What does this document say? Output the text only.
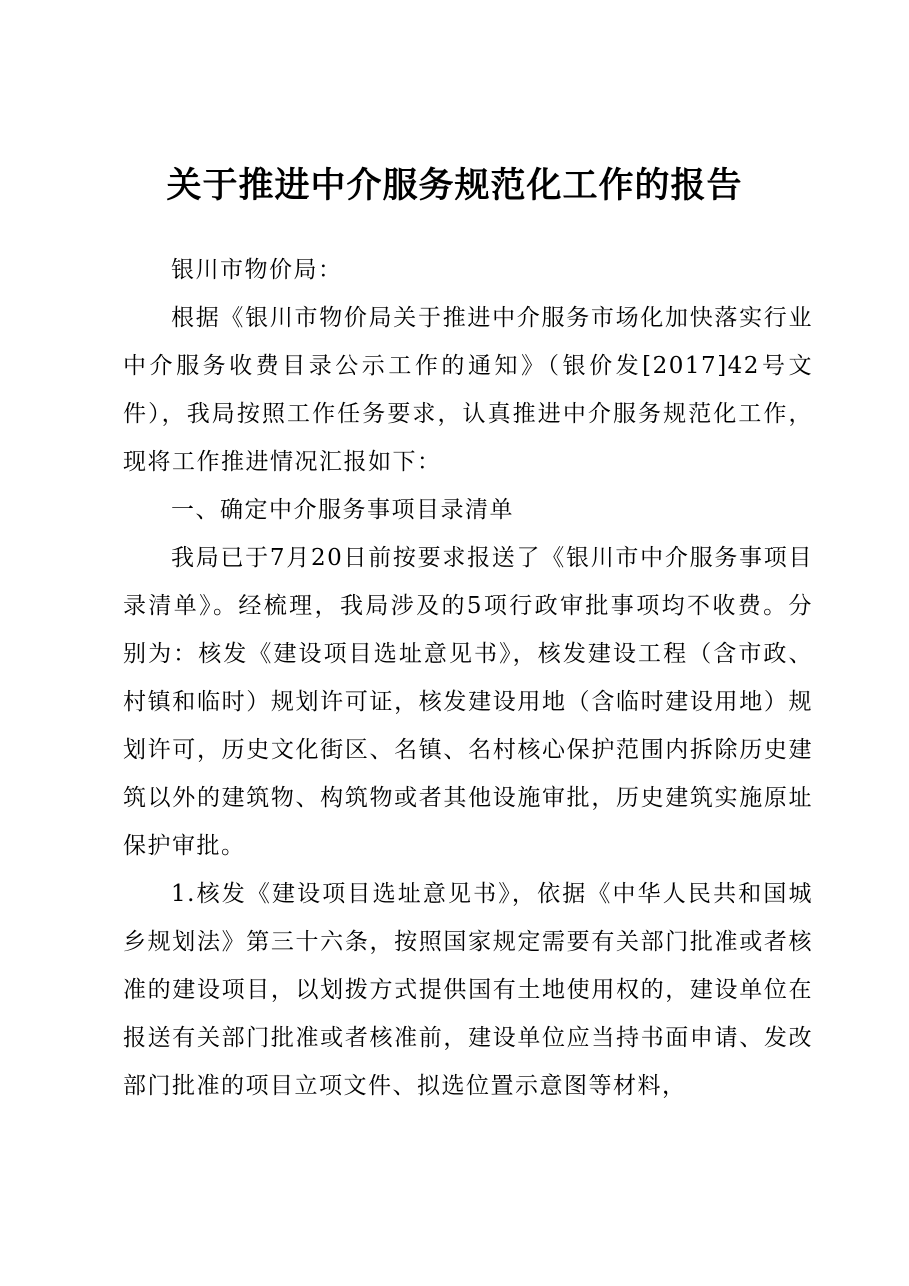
关于推进中介服务规范化工作的报告

银川市物价局：

根据《银川市物价局关于推进中介服务市场化加快落实行业中介服务收费目录公示工作的通知》（银价发[2017]42号文件），我局按照工作任务要求，认真推进中介服务规范化工作，现将工作推进情况汇报如下：

一、确定中介服务事项目录清单

我局已于7月20日前按要求报送了《银川市中介服务事项目录清单》。经梳理，我局涉及的5项行政审批事项均不收费。分别为：核发《建设项目选址意见书》，核发建设工程（含市政、村镇和临时）规划许可证，核发建设用地（含临时建设用地）规划许可，历史文化街区、名镇、名村核心保护范围内拆除历史建筑以外的建筑物、构筑物或者其他设施审批，历史建筑实施原址保护审批。

1.核发《建设项目选址意见书》，依据《中华人民共和国城乡规划法》第三十六条，按照国家规定需要有关部门批准或者核准的建设项目，以划拨方式提供国有土地使用权的，建设单位在报送有关部门批准或者核准前，建设单位应当持书面申请、发改部门批准的项目立项文件、拟选位置示意图等材料，
